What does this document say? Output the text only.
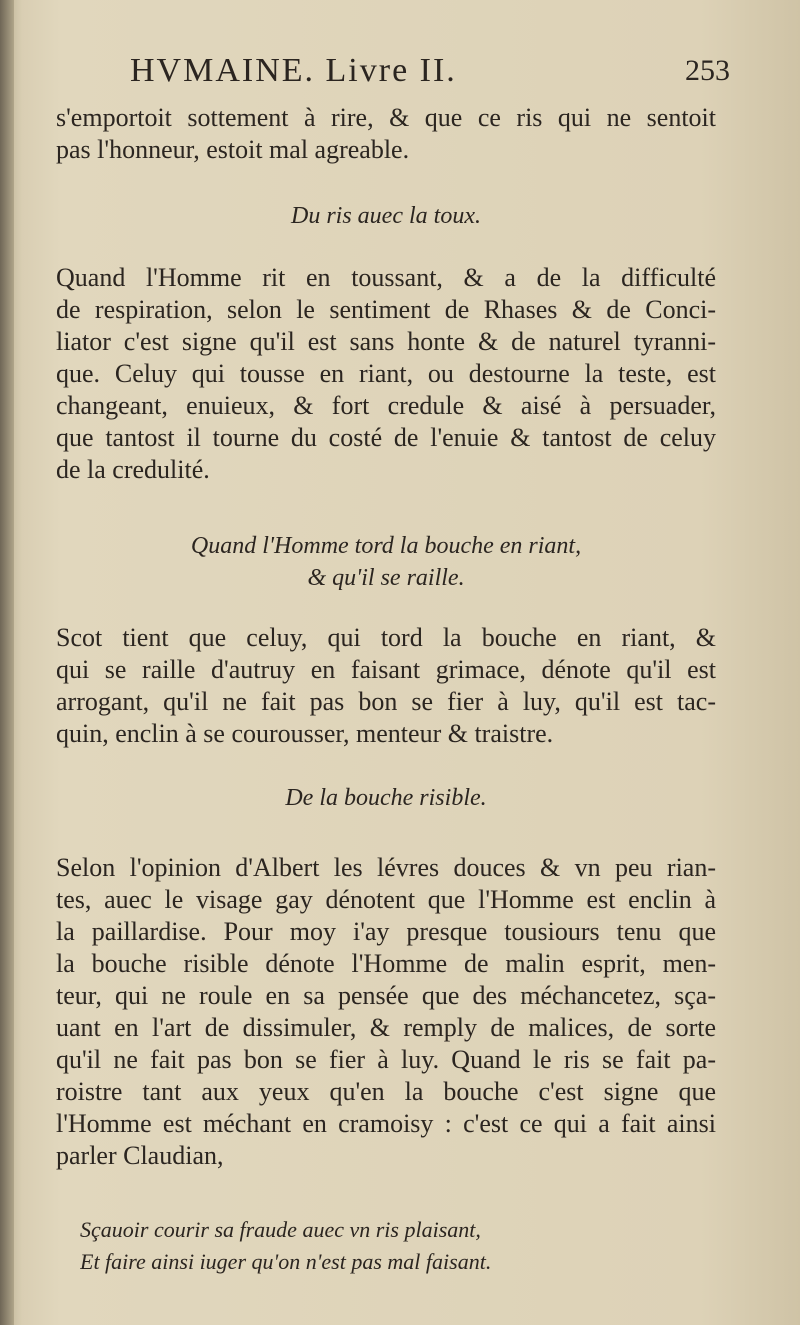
HVMAINE. Livre II.	253
s'emportoit sottement à rire, & que ce ris qui ne sentoit
pas l'honneur, estoit mal agreable.
Du ris auec la toux.
Quand l'Homme rit en toussant, & a de la difficulté
de respiration, selon le sentiment de Rhases & de Conci-
liator c'est signe qu'il est sans honte & de naturel tyranni-
que. Celuy qui tousse en riant, ou destourne la teste, est
changeant, enuieux, & fort credule & aisé à persuader,
que tantost il tourne du costé de l'enuie & tantost de celuy
de la credulité.
Quand l'Homme tord la bouche en riant,
& qu'il se raille.
Scot tient que celuy, qui tord la bouche en riant, &
qui se raille d'autruy en faisant grimace, dénote qu'il est
arrogant, qu'il ne fait pas bon se fier à luy, qu'il est tac-
quin, enclin à se courousser, menteur & traistre.
De la bouche risible.
Selon l'opinion d'Albert les lévres douces & vn peu rian-
tes, auec le visage gay dénotent que l'Homme est enclin à
la paillardise. Pour moy i'ay presque tousiours tenu que
la bouche risible dénote l'Homme de malin esprit, men-
teur, qui ne roule en sa pensée que des méchancetez, sça-
uant en l'art de dissimuler, & remply de malices, de sorte
qu'il ne fait pas bon se fier à luy. Quand le ris se fait pa-
roistre tant aux yeux qu'en la bouche c'est signe que
l'Homme est méchant en cramoisy : c'est ce qui a fait ainsi
parler Claudian,
Sçauoir courir sa fraude auec vn ris plaisant,
Et faire ainsi iuger qu'on n'est pas mal faisant.
